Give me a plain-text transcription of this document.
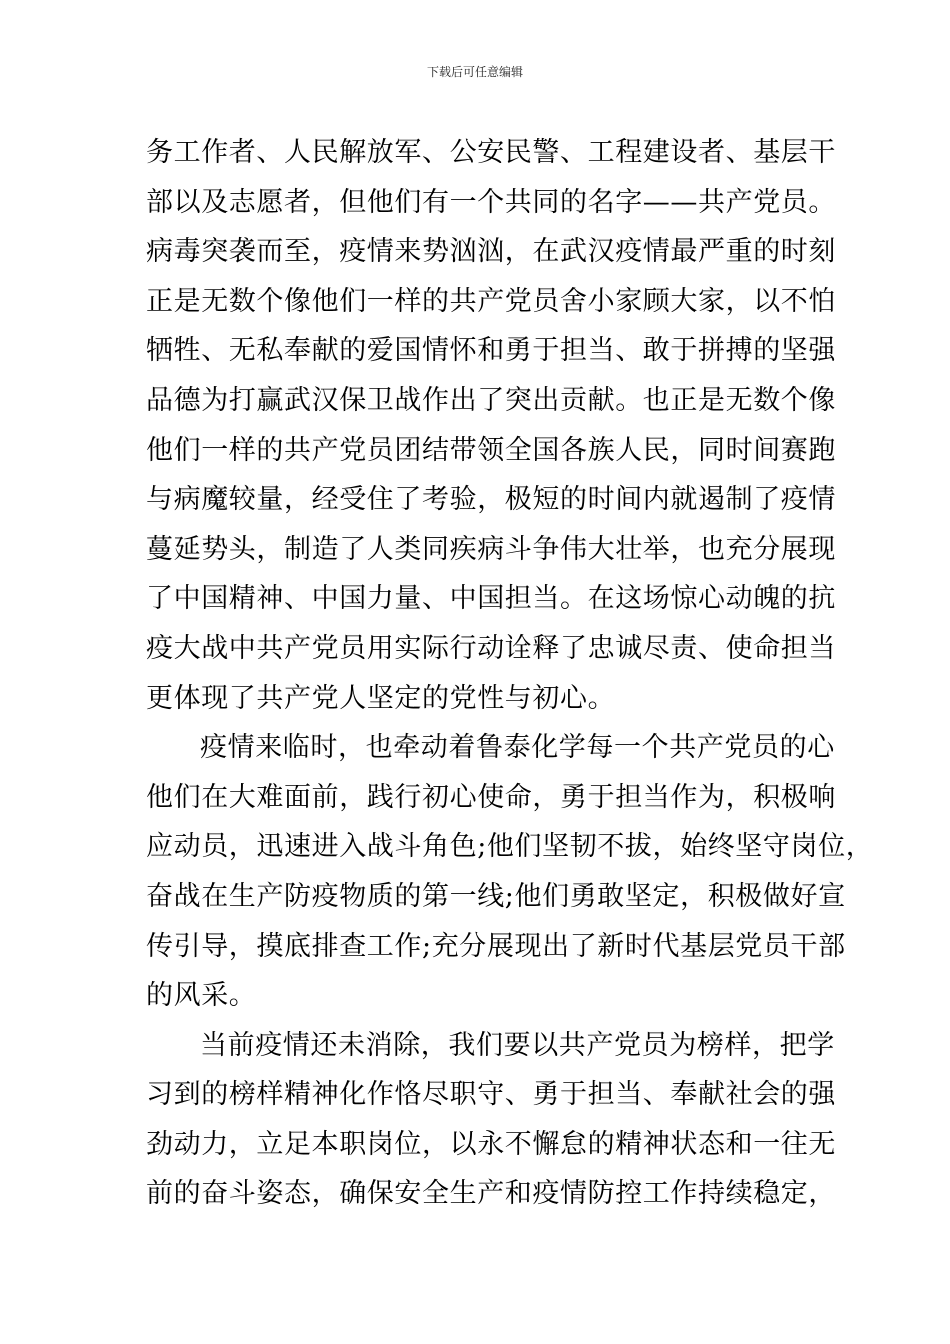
下载后可任意编辑
务工作者、人民解放军、公安民警、工程建设者、基层干
部以及志愿者，但他们有一个共同的名字——共产党员。
病毒突袭而至，疫情来势汹汹，在武汉疫情最严重的时刻
正是无数个像他们一样的共产党员舍小家顾大家，以不怕
牺牲、无私奉献的爱国情怀和勇于担当、敢于拼搏的坚强
品德为打赢武汉保卫战作出了突出贡献。也正是无数个像
他们一样的共产党员团结带领全国各族人民，同时间赛跑
与病魔较量，经受住了考验，极短的时间内就遏制了疫情
蔓延势头，制造了人类同疾病斗争伟大壮举，也充分展现
了中国精神、中国力量、中国担当。在这场惊心动魄的抗
疫大战中共产党员用实际行动诠释了忠诚尽责、使命担当
更体现了共产党人坚定的党性与初心。
疫情来临时，也牵动着鲁泰化学每一个共产党员的心
他们在大难面前，践行初心使命，勇于担当作为，积极响
应动员，迅速进入战斗角色;他们坚韧不拔，始终坚守岗位，
奋战在生产防疫物质的第一线;他们勇敢坚定，积极做好宣
传引导，摸底排查工作;充分展现出了新时代基层党员干部
的风采。
当前疫情还未消除，我们要以共产党员为榜样，把学
习到的榜样精神化作恪尽职守、勇于担当、奉献社会的强
劲动力，立足本职岗位，以永不懈怠的精神状态和一往无
前的奋斗姿态，确保安全生产和疫情防控工作持续稳定，
